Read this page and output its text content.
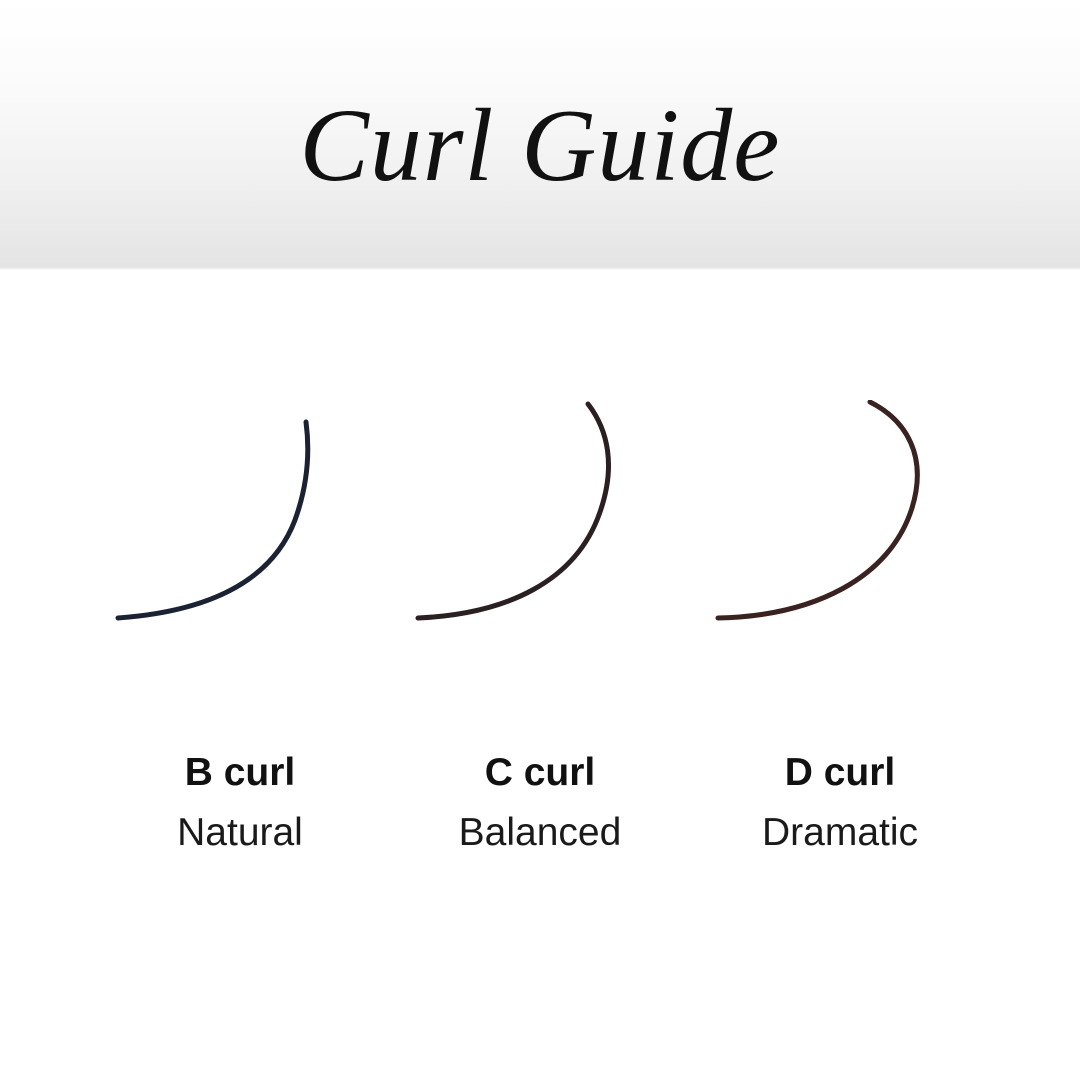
Curl Guide
B curl
Natural
C curl
Balanced
D curl
Dramatic
